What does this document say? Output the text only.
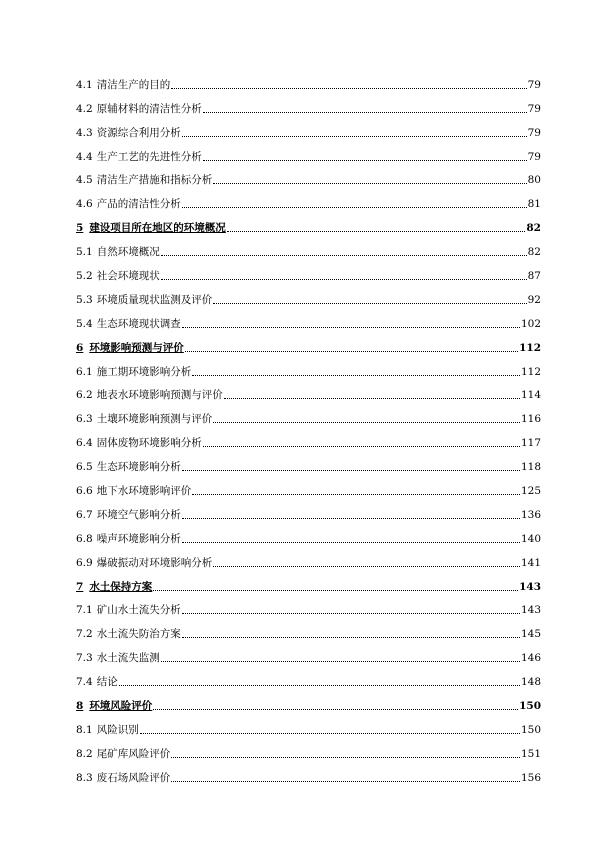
4.1 清洁生产的目的	79
4.2 原辅材料的清洁性分析	79
4.3 资源综合利用分析	79
4.4 生产工艺的先进性分析	79
4.5 清洁生产措施和指标分析	80
4.6 产品的清洁性分析	81
5 建设项目所在地区的环境概况	82
5.1 自然环境概况	82
5.2 社会环境现状	87
5.3 环境质量现状监测及评价	92
5.4 生态环境现状调查	102
6 环境影响预测与评价	112
6.1 施工期环境影响分析	112
6.2 地表水环境影响预测与评价	114
6.3 土壤环境影响预测与评价	116
6.4 固体废物环境影响分析	117
6.5 生态环境影响分析	118
6.6 地下水环境影响评价	125
6.7 环境空气影响分析	136
6.8 噪声环境影响分析	140
6.9 爆破振动对环境影响分析	141
7 水土保持方案	143
7.1 矿山水土流失分析	143
7.2 水土流失防治方案	145
7.3 水土流失监测	146
7.4 结论	148
8 环境风险评价	150
8.1 风险识别	150
8.2 尾矿库风险评价	151
8.3 废石场风险评价	156
